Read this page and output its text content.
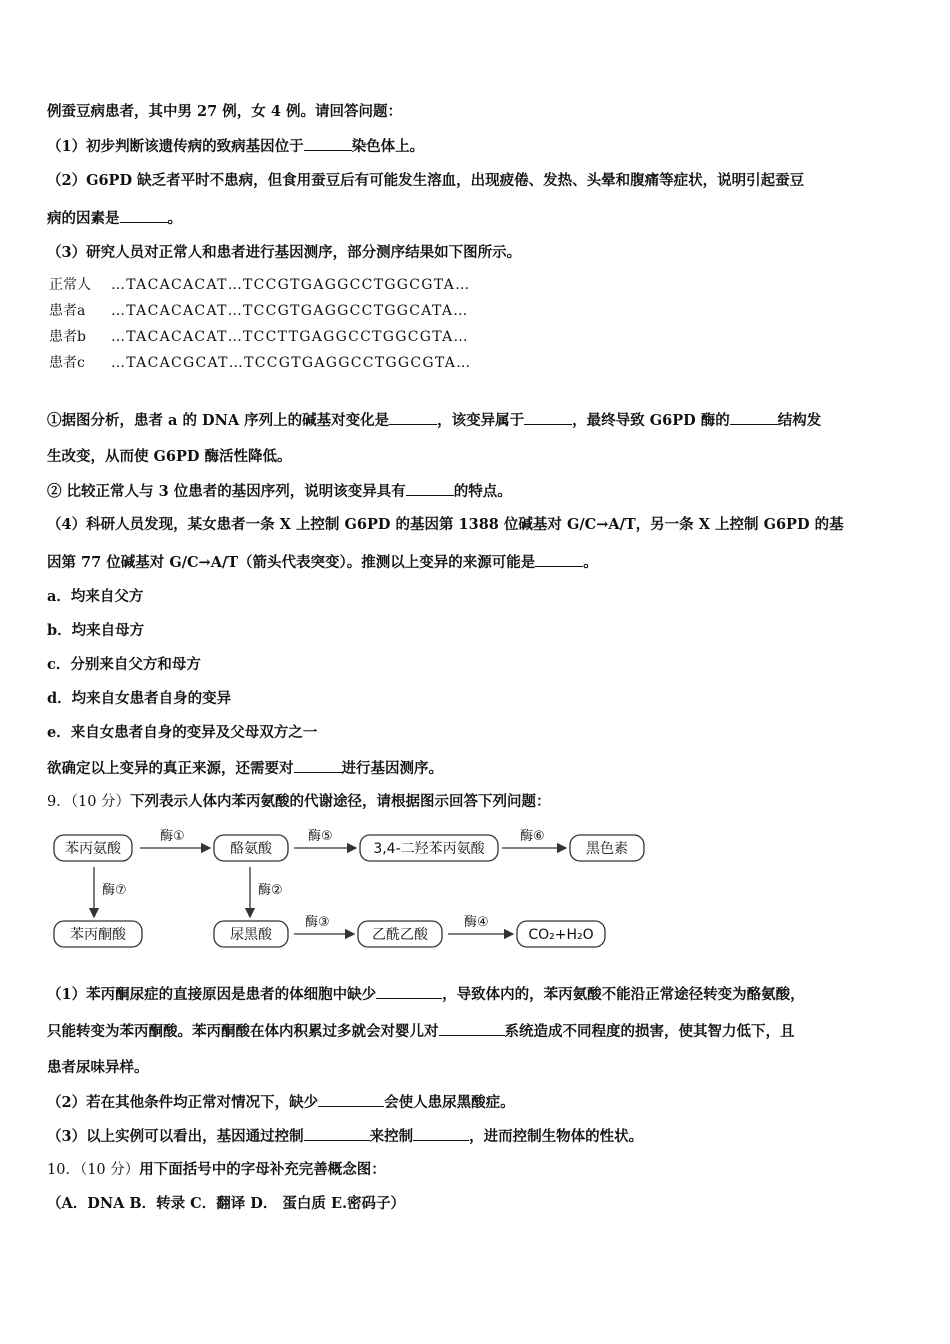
例蚕豆病患者，其中男 27 例，女 4 例。请回答问题：
（1）初步判断该遗传病的致病基因位于	染色体上。
（2）G6PD 缺乏者平时不患病，但食用蚕豆后有可能发生溶血，出现疲倦、发热、头晕和腹痛等症状，说明引起蚕豆
病的因素是	。
（3）研究人员对正常人和患者进行基因测序，部分测序结果如下图所示。
正常人 …TACACACAT…TCCGTGAGGCCTGGCGTA…
患者a …TACACACAT…TCCGTGAGGCCTGGCATA…
患者b …TACACACAT…TCCTTGAGGCCTGGCGTA…
患者c …TACACGCAT…TCCGTGAGGCCTGGCGTA…
①据图分析，患者 a 的 DNA 序列上的碱基对变化是	，该变异属于	，最终导致 G6PD 酶的	结构发
生改变，从而使 G6PD 酶活性降低。
② 比较正常人与 3 位患者的基因序列，说明该变异具有	的特点。
（4）科研人员发现，某女患者一条 X 上控制 G6PD 的基因第 1388 位碱基对 G/C→A/T，另一条 X 上控制 G6PD 的基
因第 77 位碱基对 G/C→A/T（箭头代表突变）。推测以上变异的来源可能是	。
a．均来自父方
b．均来自母方
c．分别来自父方和母方
d．均来自女患者自身的变异
e．来自女患者自身的变异及父母双方之一
欲确定以上变异的真正来源，还需要对	进行基因测序。
9．（10 分）下列表示人体内苯丙氨酸的代谢途径，请根据图示回答下列问题：
苯丙氨酸	酪氨酸	3,4-二羟苯丙氨酸	黑色素
苯丙酮酸	尿黑酸	乙酰乙酸	CO₂+H₂O
酶①	酶⑤	酶⑥
酶⑦	酶②
酶③	酶④
（1）苯丙酮尿症的直接原因是患者的体细胞中缺少	，导致体内的，苯丙氨酸不能沿正常途径转变为酪氨酸，
只能转变为苯丙酮酸。苯丙酮酸在体内积累过多就会对婴儿对	系统造成不同程度的损害，使其智力低下，且
患者尿味异样。
（2）若在其他条件均正常对情况下，缺少	会使人患尿黑酸症。
（3）以上实例可以看出，基因通过控制	来控制	，进而控制生物体的性状。
10．（10 分）用下面括号中的字母补充完善概念图：
（A．DNA B．转录 C．翻译 D． 蛋白质 E.密码子）
